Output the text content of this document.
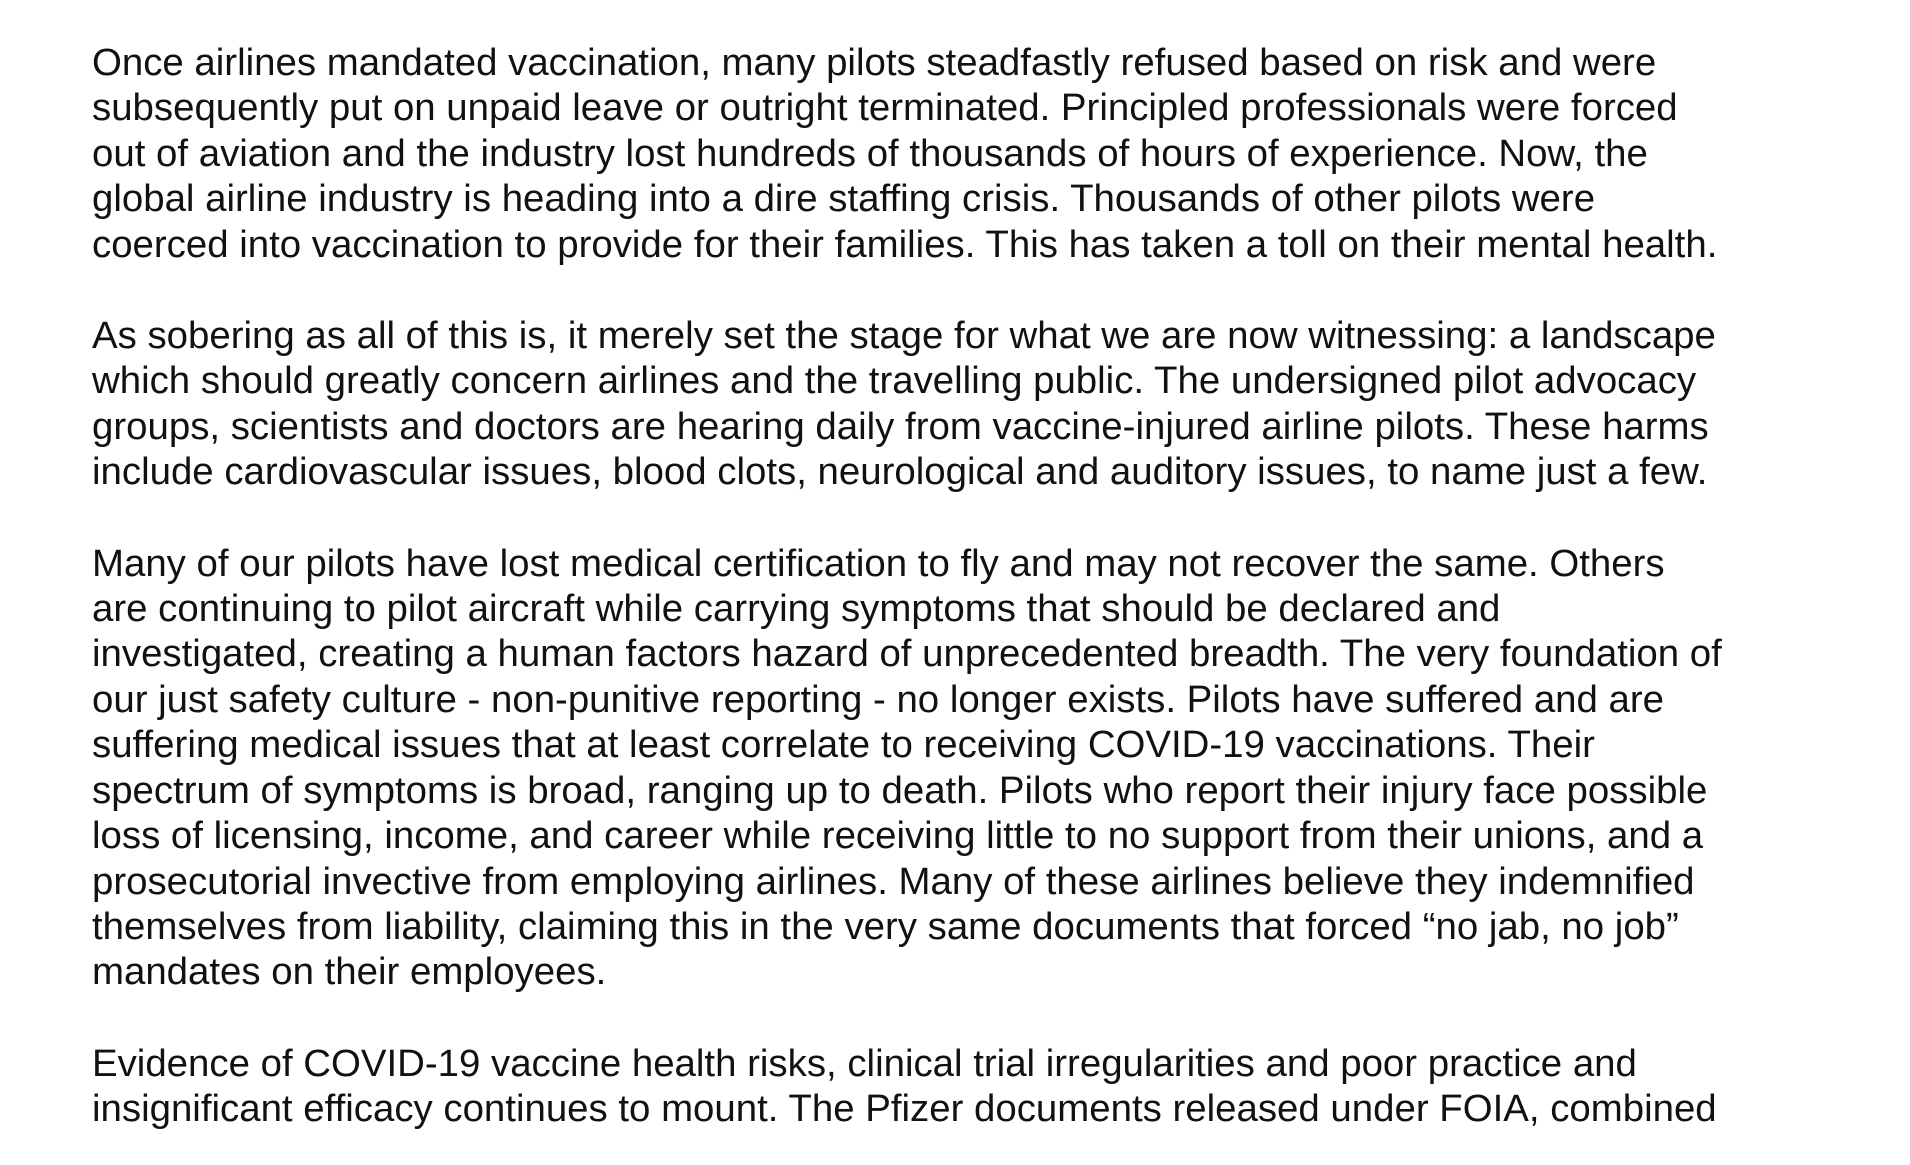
Once airlines mandated vaccination, many pilots steadfastly refused based on risk and were
subsequently put on unpaid leave or outright terminated. Principled professionals were forced
out of aviation and the industry lost hundreds of thousands of hours of experience. Now, the
global airline industry is heading into a dire staffing crisis. Thousands of other pilots were
coerced into vaccination to provide for their families. This has taken a toll on their mental health.

As sobering as all of this is, it merely set the stage for what we are now witnessing: a landscape
which should greatly concern airlines and the travelling public. The undersigned pilot advocacy
groups, scientists and doctors are hearing daily from vaccine-injured airline pilots. These harms
include cardiovascular issues, blood clots, neurological and auditory issues, to name just a few.

Many of our pilots have lost medical certification to fly and may not recover the same. Others
are continuing to pilot aircraft while carrying symptoms that should be declared and
investigated, creating a human factors hazard of unprecedented breadth. The very foundation of
our just safety culture - non-punitive reporting - no longer exists. Pilots have suffered and are
suffering medical issues that at least correlate to receiving COVID-19 vaccinations. Their
spectrum of symptoms is broad, ranging up to death. Pilots who report their injury face possible
loss of licensing, income, and career while receiving little to no support from their unions, and a
prosecutorial invective from employing airlines. Many of these airlines believe they indemnified
themselves from liability, claiming this in the very same documents that forced “no jab, no job”
mandates on their employees.

Evidence of COVID-19 vaccine health risks, clinical trial irregularities and poor practice and
insignificant efficacy continues to mount. The Pfizer documents released under FOIA, combined
